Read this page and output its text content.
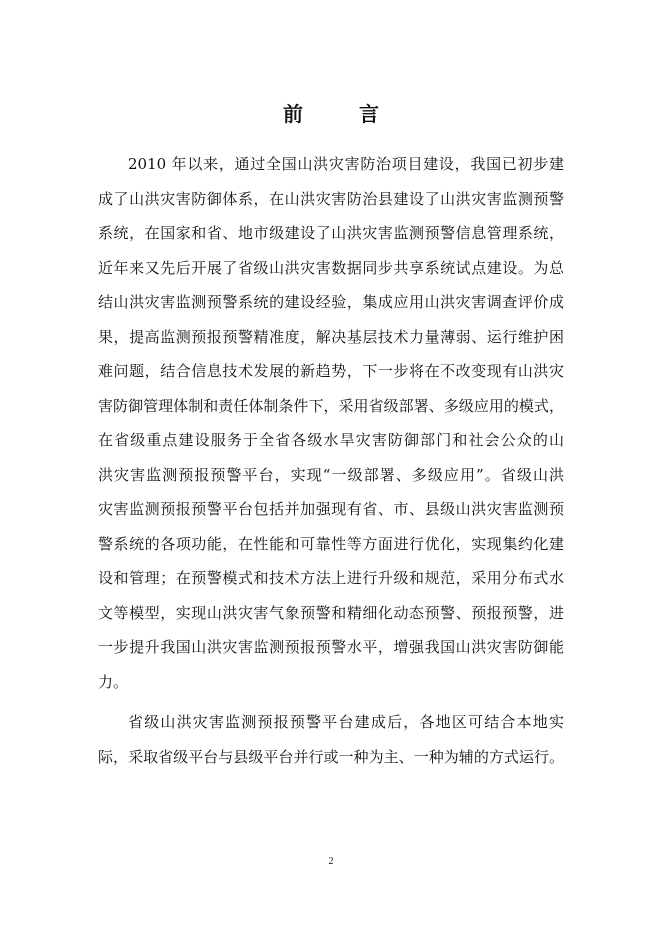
前　言
2010 年以来，通过全国山洪灾害防治项目建设，我国已初步建
成了山洪灾害防御体系，在山洪灾害防治县建设了山洪灾害监测预警
系统，在国家和省、地市级建设了山洪灾害监测预警信息管理系统，
近年来又先后开展了省级山洪灾害数据同步共享系统试点建设。为总
结山洪灾害监测预警系统的建设经验，集成应用山洪灾害调查评价成
果，提高监测预报预警精准度，解决基层技术力量薄弱、运行维护困
难问题，结合信息技术发展的新趋势，下一步将在不改变现有山洪灾
害防御管理体制和责任体制条件下，采用省级部署、多级应用的模式，
在省级重点建设服务于全省各级水旱灾害防御部门和社会公众的山
洪灾害监测预报预警平台，实现“一级部署、多级应用”。省级山洪
灾害监测预报预警平台包括并加强现有省、市、县级山洪灾害监测预
警系统的各项功能，在性能和可靠性等方面进行优化，实现集约化建
设和管理；在预警模式和技术方法上进行升级和规范，采用分布式水
文等模型，实现山洪灾害气象预警和精细化动态预警、预报预警，进
一步提升我国山洪灾害监测预报预警水平，增强我国山洪灾害防御能
力。
省级山洪灾害监测预报预警平台建成后，各地区可结合本地实
际，采取省级平台与县级平台并行或一种为主、一种为辅的方式运行。
2
